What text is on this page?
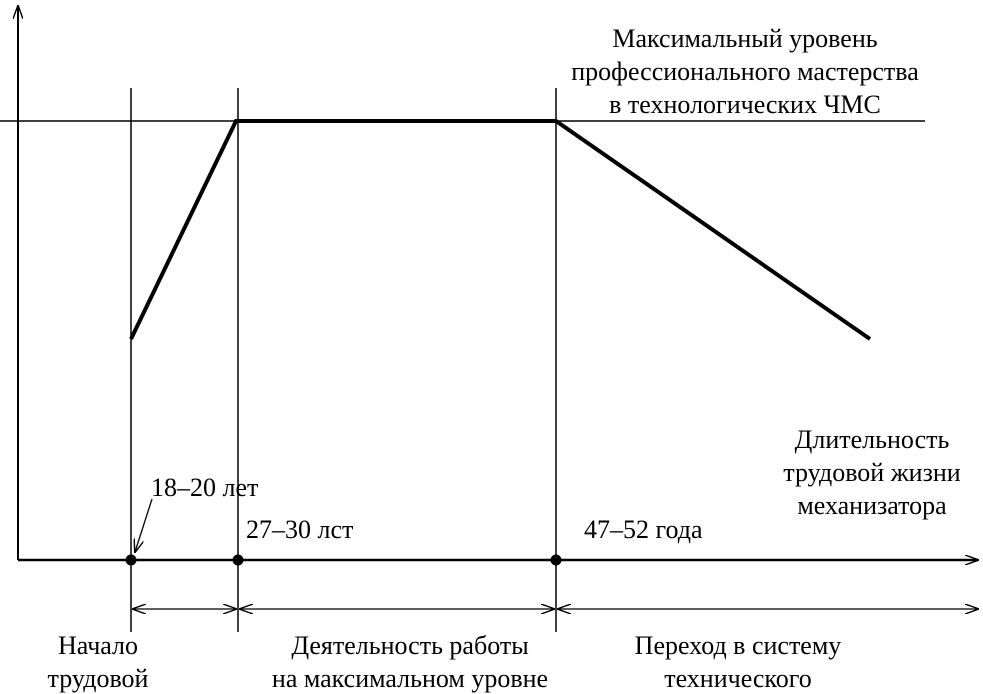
Максимальный уровень
профессионального мастерства
в технологических ЧМС
Длительность
трудовой жизни
механизатора
18–20 лет
27–30 лст	47–52 года
Начало
трудовой
Деятельность работы
на максимальном уровне
Переход в систему
технического
